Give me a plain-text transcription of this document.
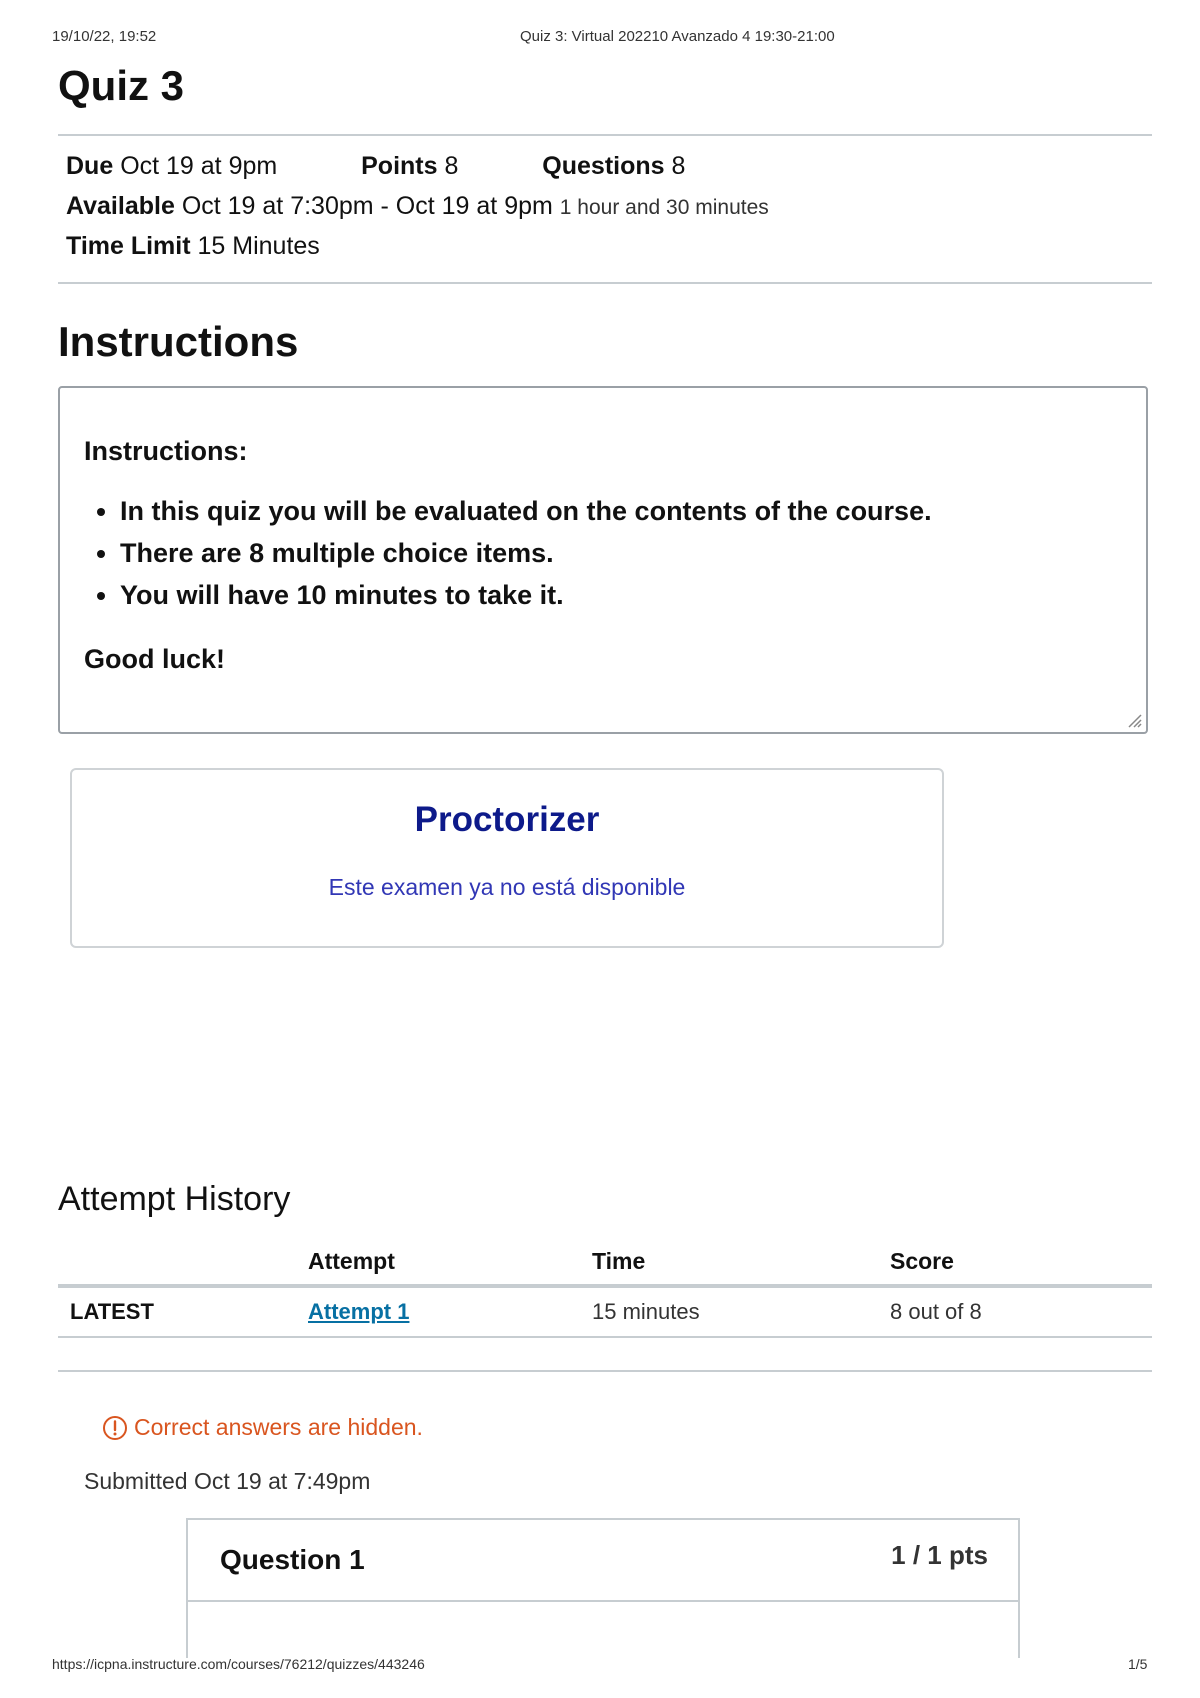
19/10/22, 19:52	Quiz 3: Virtual 202210 Avanzado 4 19:30-21:00
Quiz 3
Due Oct 19 at 9pm	Points 8	Questions 8
Available Oct 19 at 7:30pm - Oct 19 at 9pm 1 hour and 30 minutes
Time Limit 15 Minutes
Instructions
Instructions:
• In this quiz you will be evaluated on the contents of the course.
• There are 8 multiple choice items.
• You will have 10 minutes to take it.
Good luck!
Proctorizer
Este examen ya no está disponible
Attempt History
	Attempt	Time	Score
LATEST	Attempt 1	15 minutes	8 out of 8
Correct answers are hidden.
Submitted Oct 19 at 7:49pm
Question 1	1 / 1 pts
https://icpna.instructure.com/courses/76212/quizzes/443246	1/5
